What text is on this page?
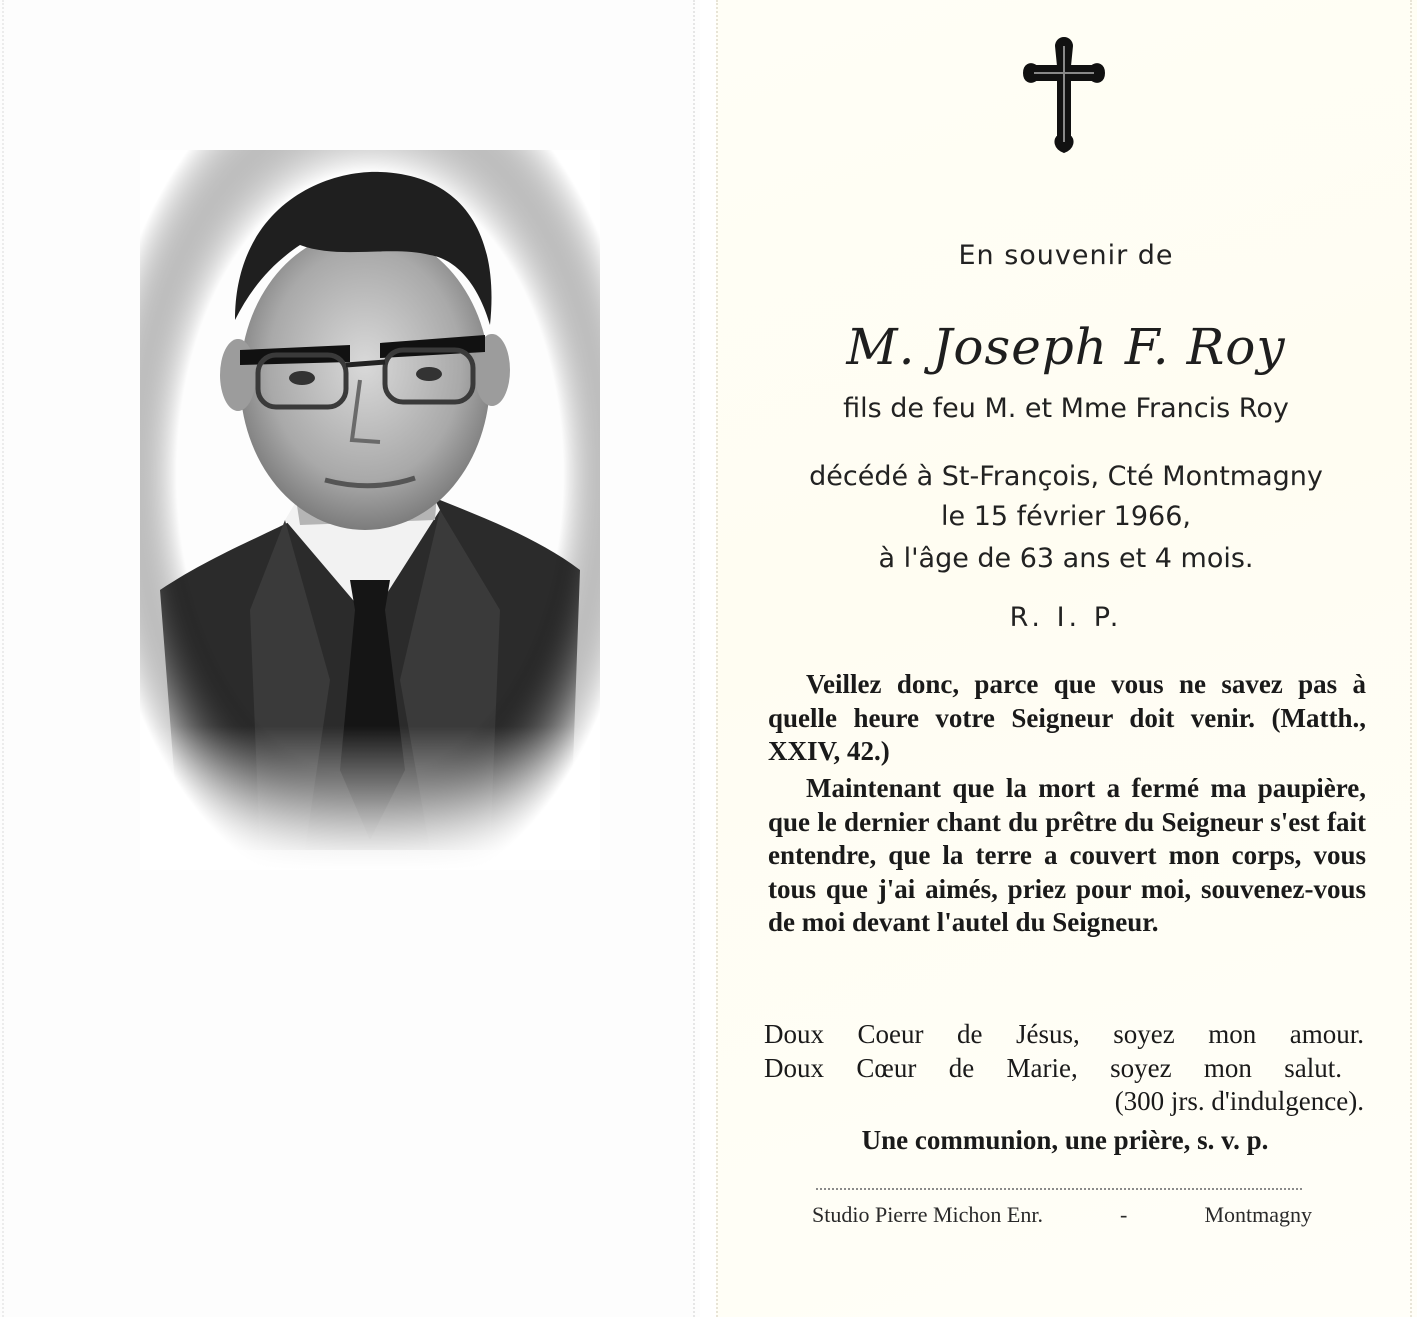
En souvenir de
M. Joseph F. Roy
fils de feu M. et Mme Francis Roy
décédé à St-François, Cté Montmagny
le 15 février 1966,
à l'âge de 63 ans et 4 mois.
R. I. P.

Veillez donc, parce que vous ne savez pas à quelle heure votre Seigneur doit venir. (Matth., XXIV, 42.)

Maintenant que la mort a fermé ma paupière, que le dernier chant du prêtre du Seigneur s'est fait entendre, que la terre a couvert mon corps, vous tous que j'ai aimés, priez pour moi, souvenez-vous de moi devant l'autel du Seigneur.

Doux Coeur de Jésus, soyez mon amour.
Doux Cœur de Marie, soyez mon salut.
(300 jrs. d'indulgence).

Une communion, une prière, s. v. p.
Studio Pierre Michon Enr.	-	Montmagny
